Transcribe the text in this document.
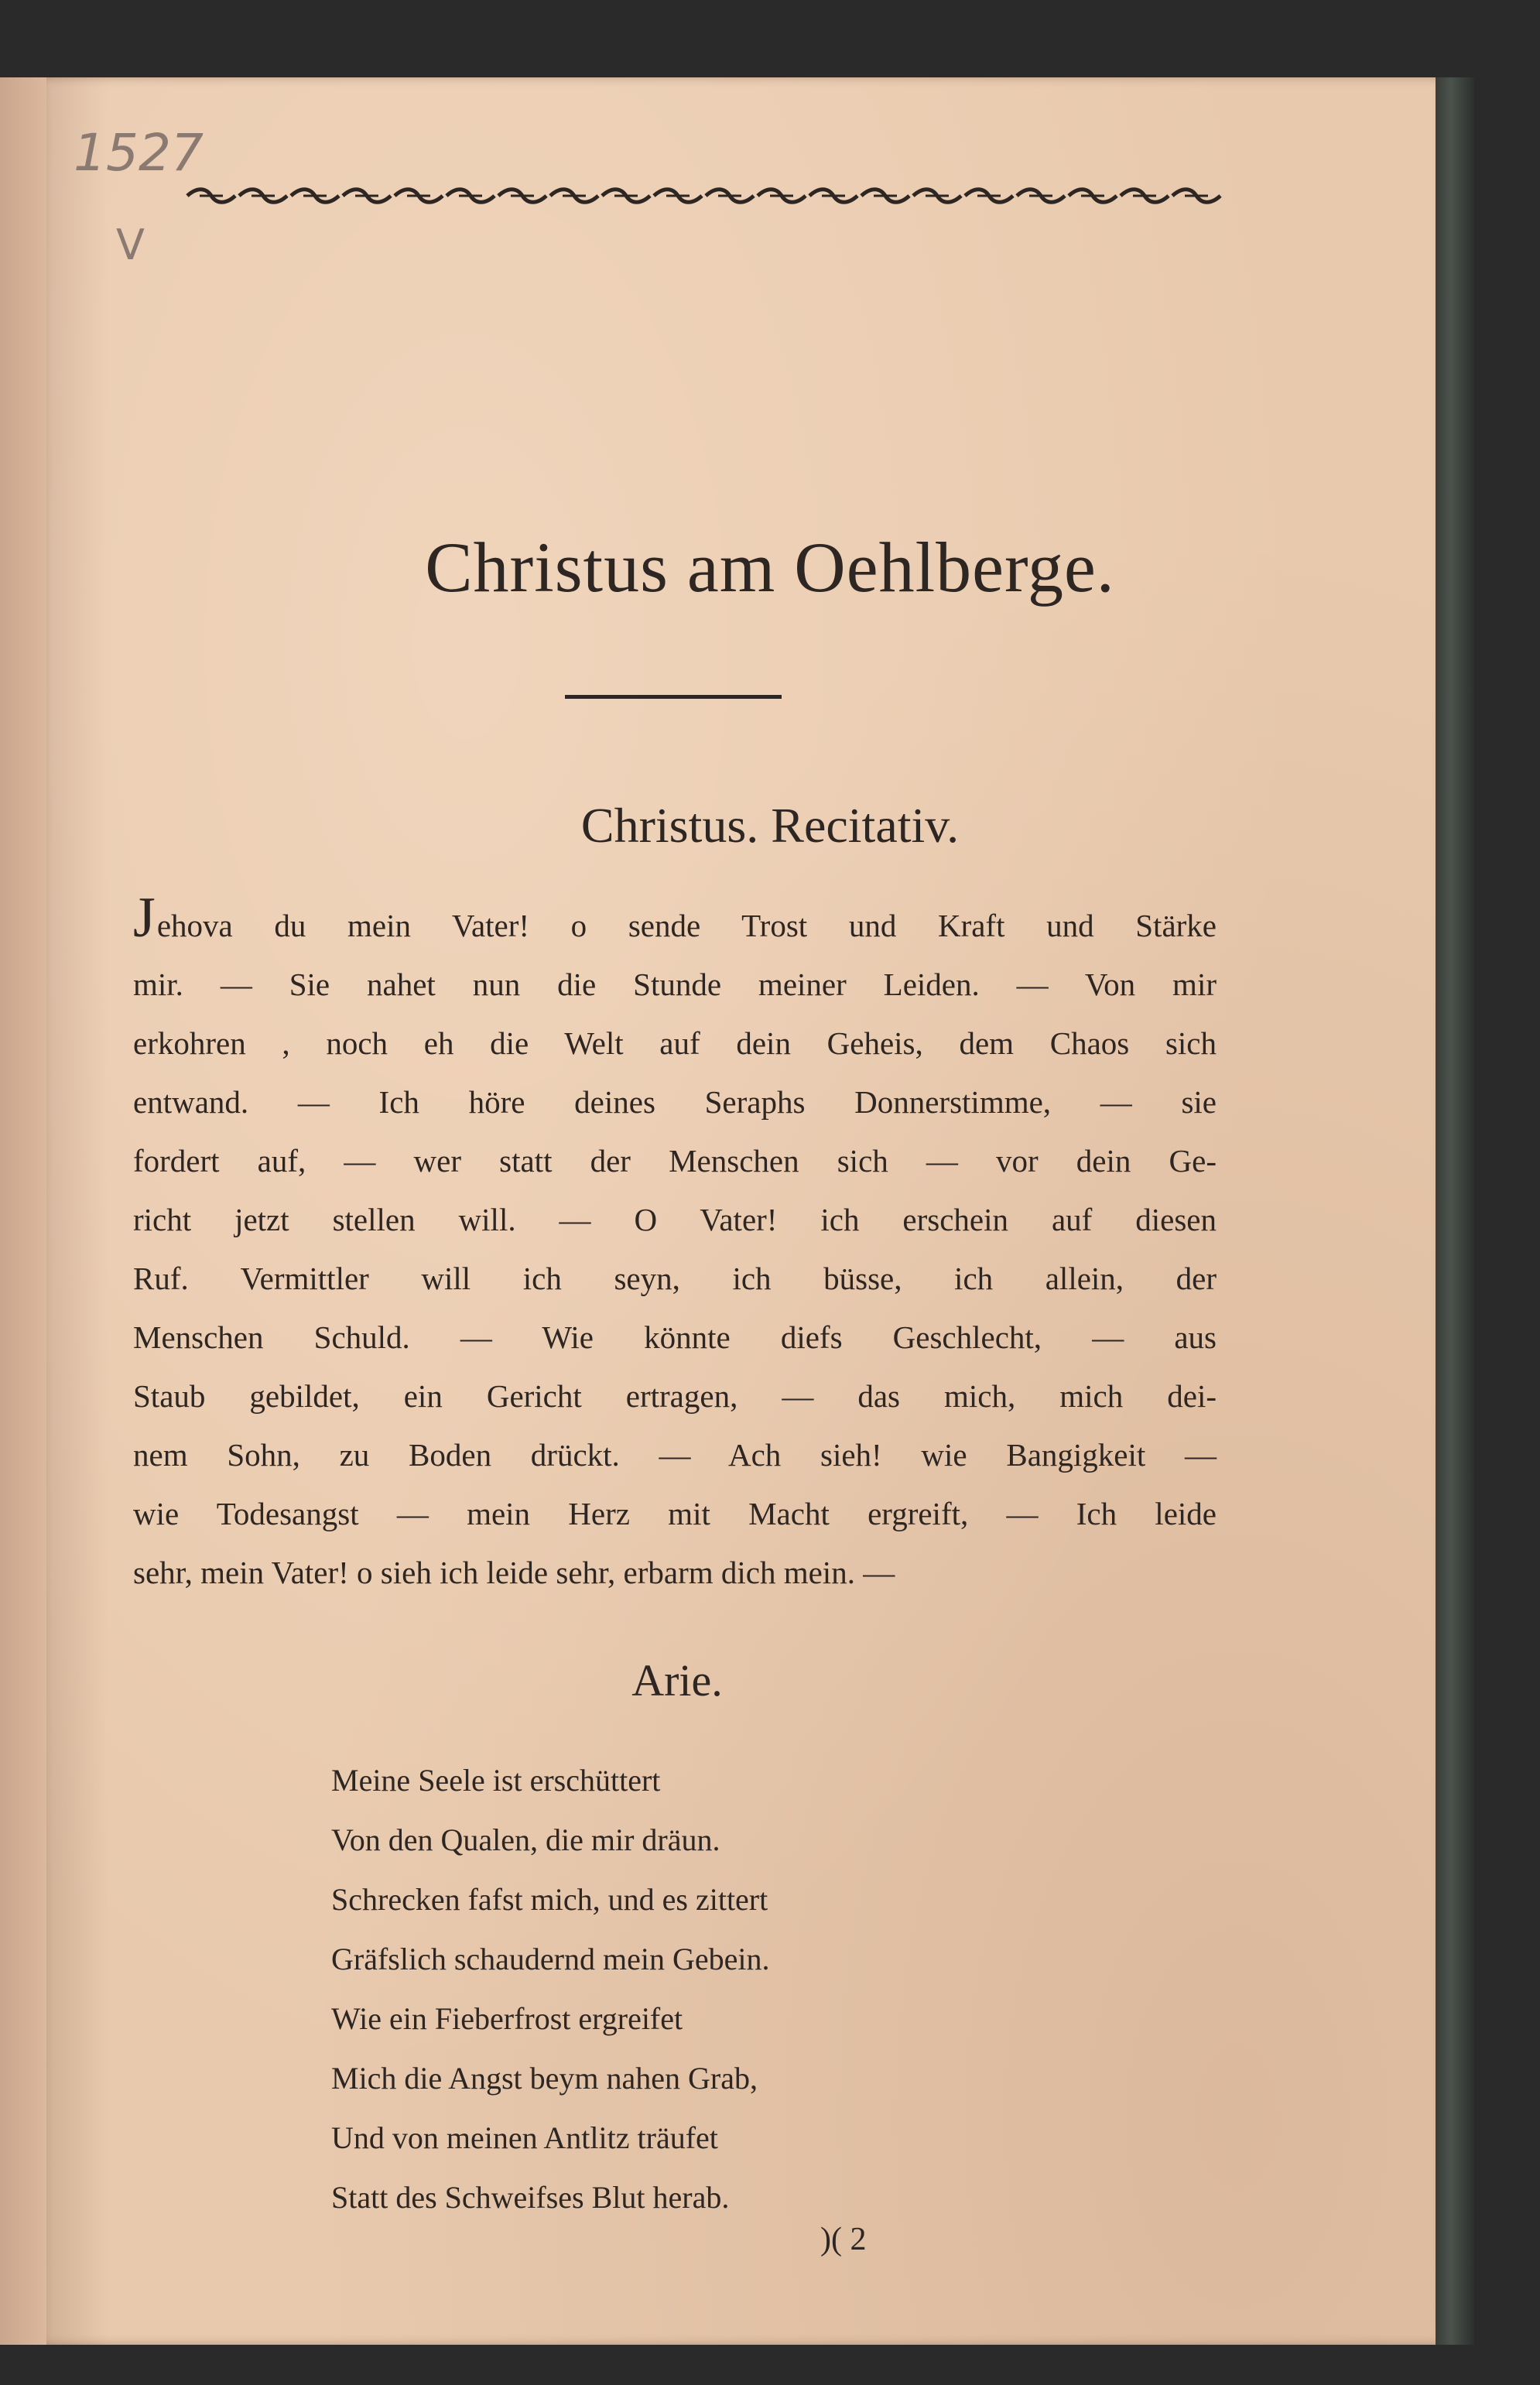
1527
V
Christus am Oehlberge.
Christus. Recitativ.
Jehova du mein Vater! o sende Trost und Kraft und Stärke
mir. — Sie nahet nun die Stunde meiner Leiden. — Von mir
erkohren , noch eh die Welt auf dein Geheis, dem Chaos sich
entwand. — Ich höre deines Seraphs Donnerstimme, — sie
fordert auf, — wer statt der Menschen sich — vor dein Ge-
richt jetzt stellen will. — O Vater! ich erschein auf diesen
Ruf. Vermittler will ich seyn, ich büsse, ich allein, der
Menschen Schuld. — Wie könnte diefs Geschlecht, — aus
Staub gebildet, ein Gericht ertragen, — das mich, mich dei-
nem Sohn, zu Boden drückt. — Ach sieh! wie Bangigkeit —
wie Todesangst — mein Herz mit Macht ergreift, — Ich leide
sehr, mein Vater! o sieh ich leide sehr, erbarm dich mein. —
Arie.
Meine Seele ist erschüttert
Von den Qualen, die mir dräun.
Schrecken fafst mich, und es zittert
Gräfslich schaudernd mein Gebein.
Wie ein Fieberfrost ergreifet
Mich die Angst beym nahen Grab,
Und von meinen Antlitz träufet
Statt des Schweifses Blut herab.
)( 2
